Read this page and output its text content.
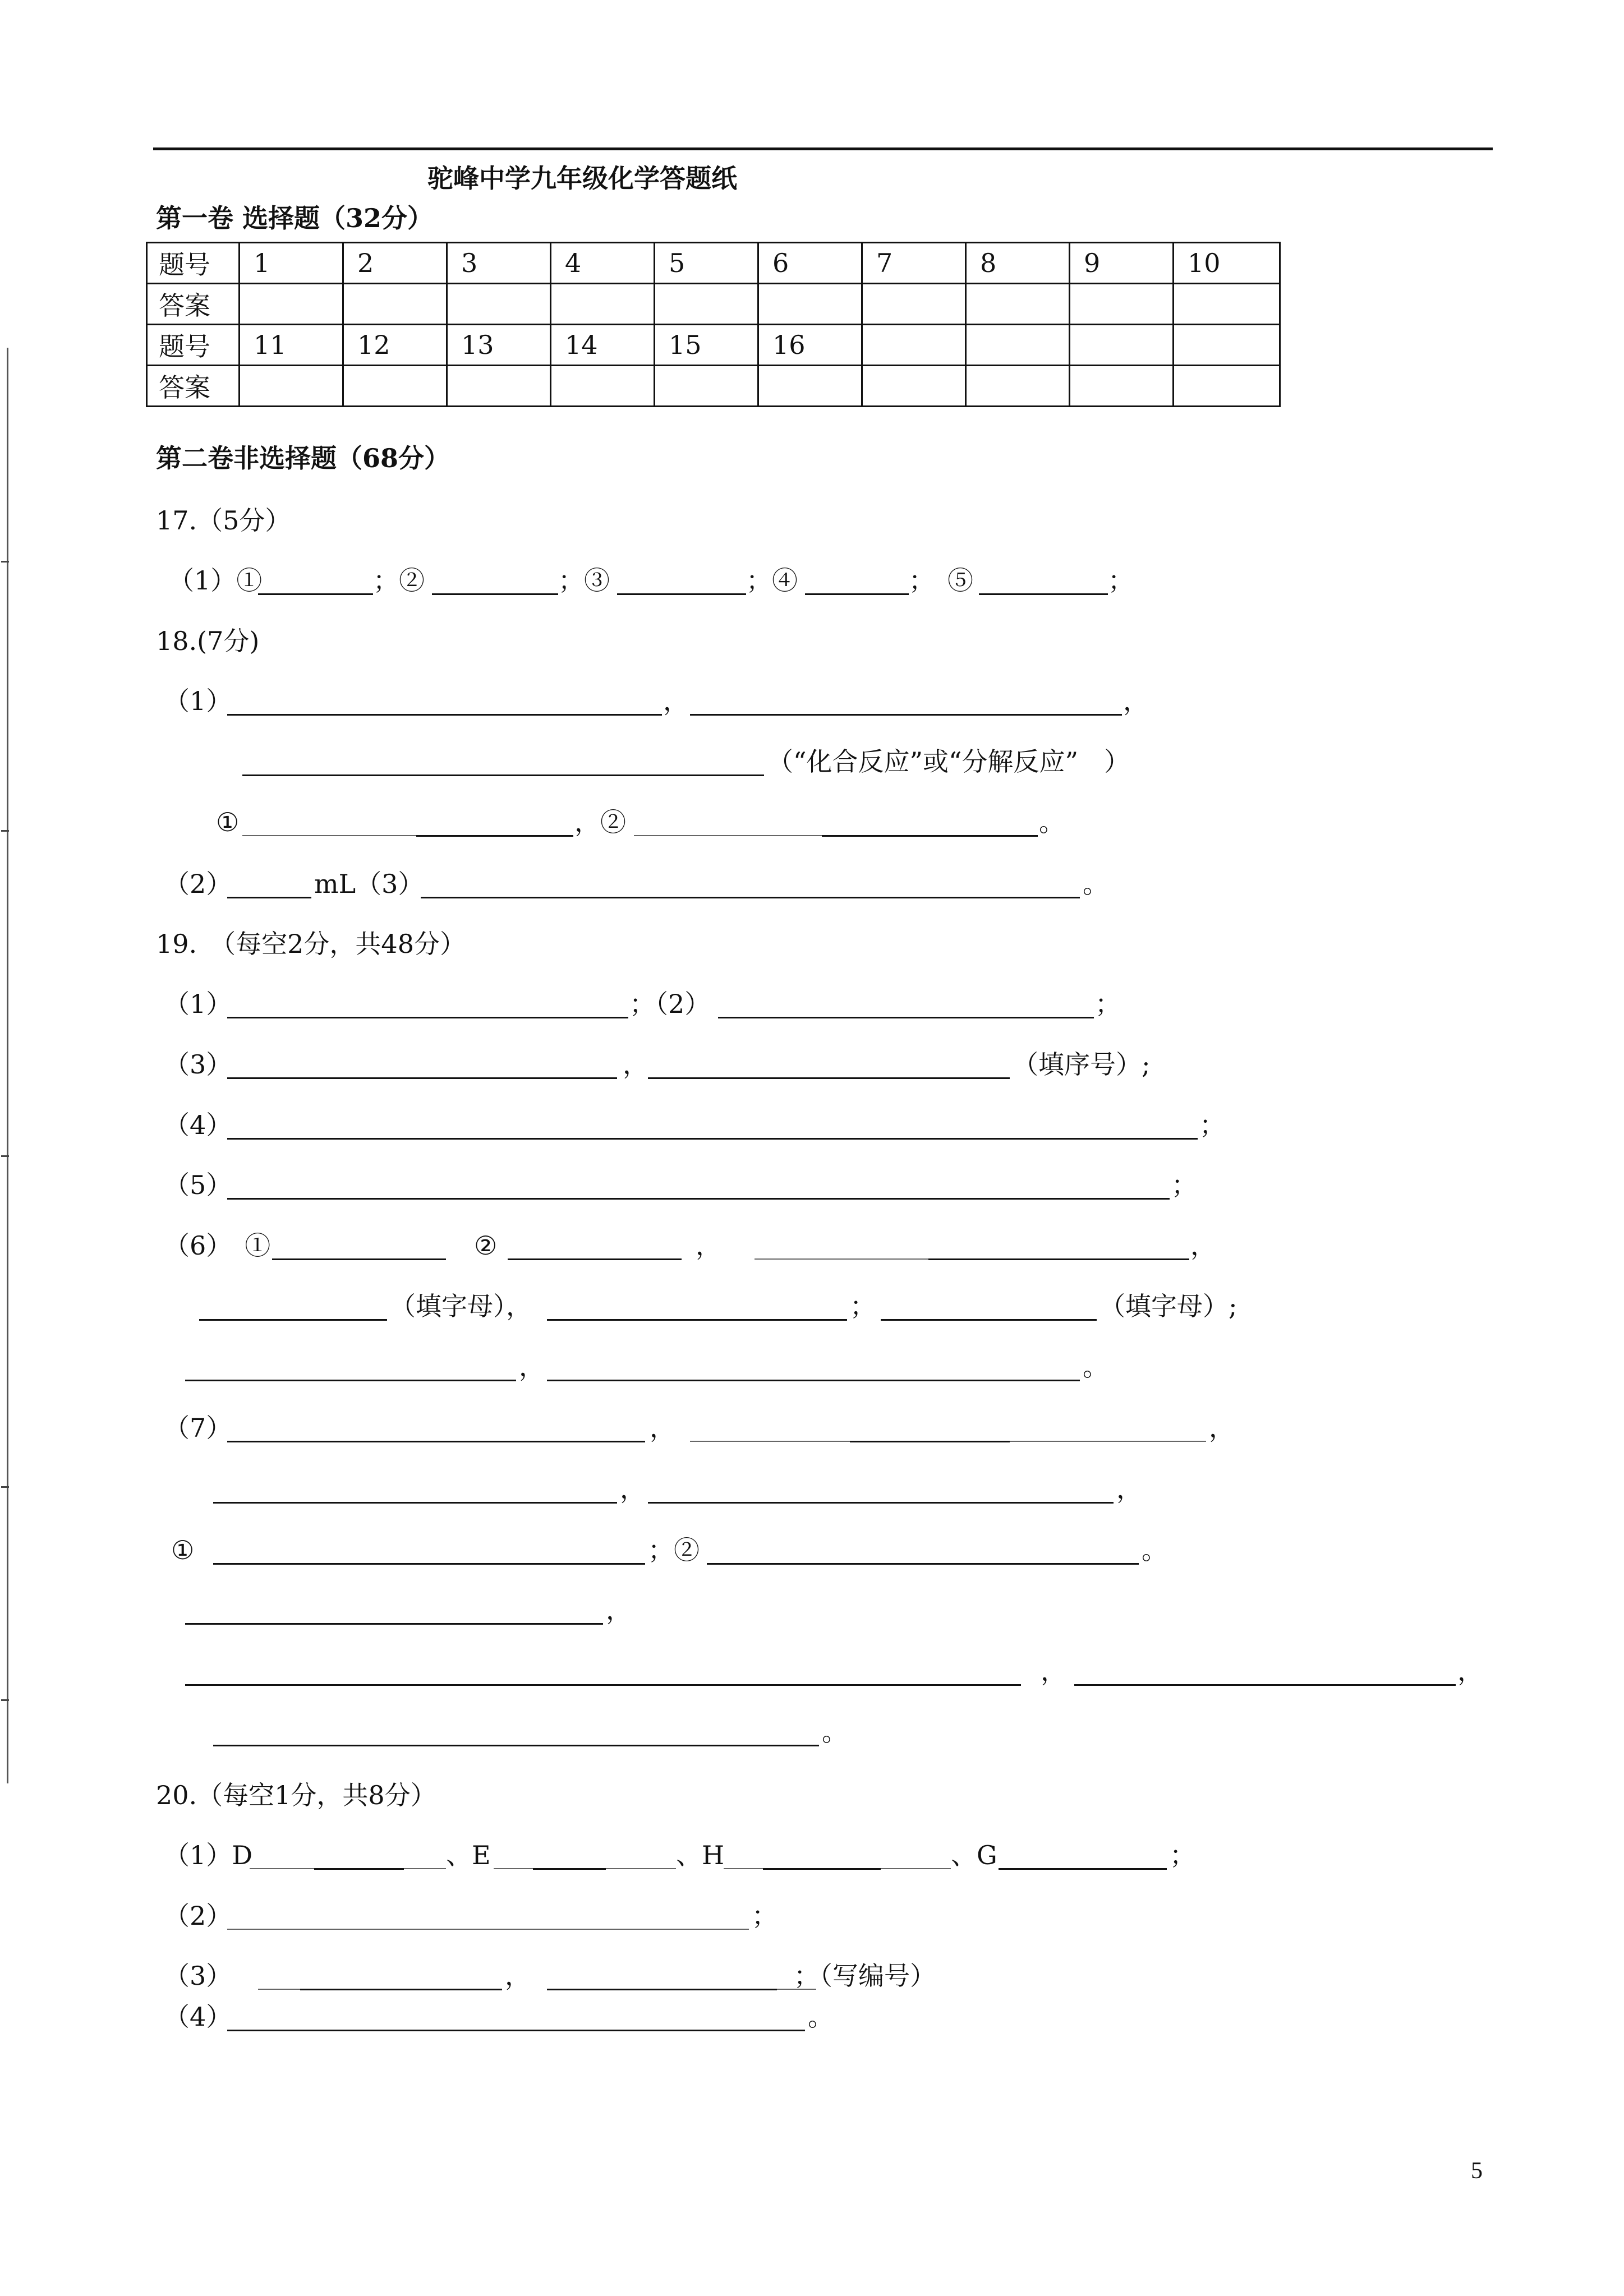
驼峰中学九年级化学答题纸
第一卷 选择题（32分）
题号	1	2	3	4	5	6	7	8	9	10
答案										
题号	11	12	13	14	15	16				
答案										
第二卷非选择题（68分）
17.（5分）
（1）①	；②	；③	；④	；　⑤	；
18.(7分)
（1）	，	，
（“化合反应”或“分解反应”　）
①	，②	。
（2）	mL（3）	。
19.　（每空2分，共48分）
（1）	；（2）	；
（3）	，	（填序号）;
（4）	；
（5）	；
（6）　①	②	，	，
（填字母），	；	（填字母）;
，	。
（7）	，	，
，	，
①	；②	。
，
，	，
。
20.（每空1分，共8分）
（1）D	、E	、H	、G	；
（2）	；
（3）	，	；（写编号）
（4）	。
5
